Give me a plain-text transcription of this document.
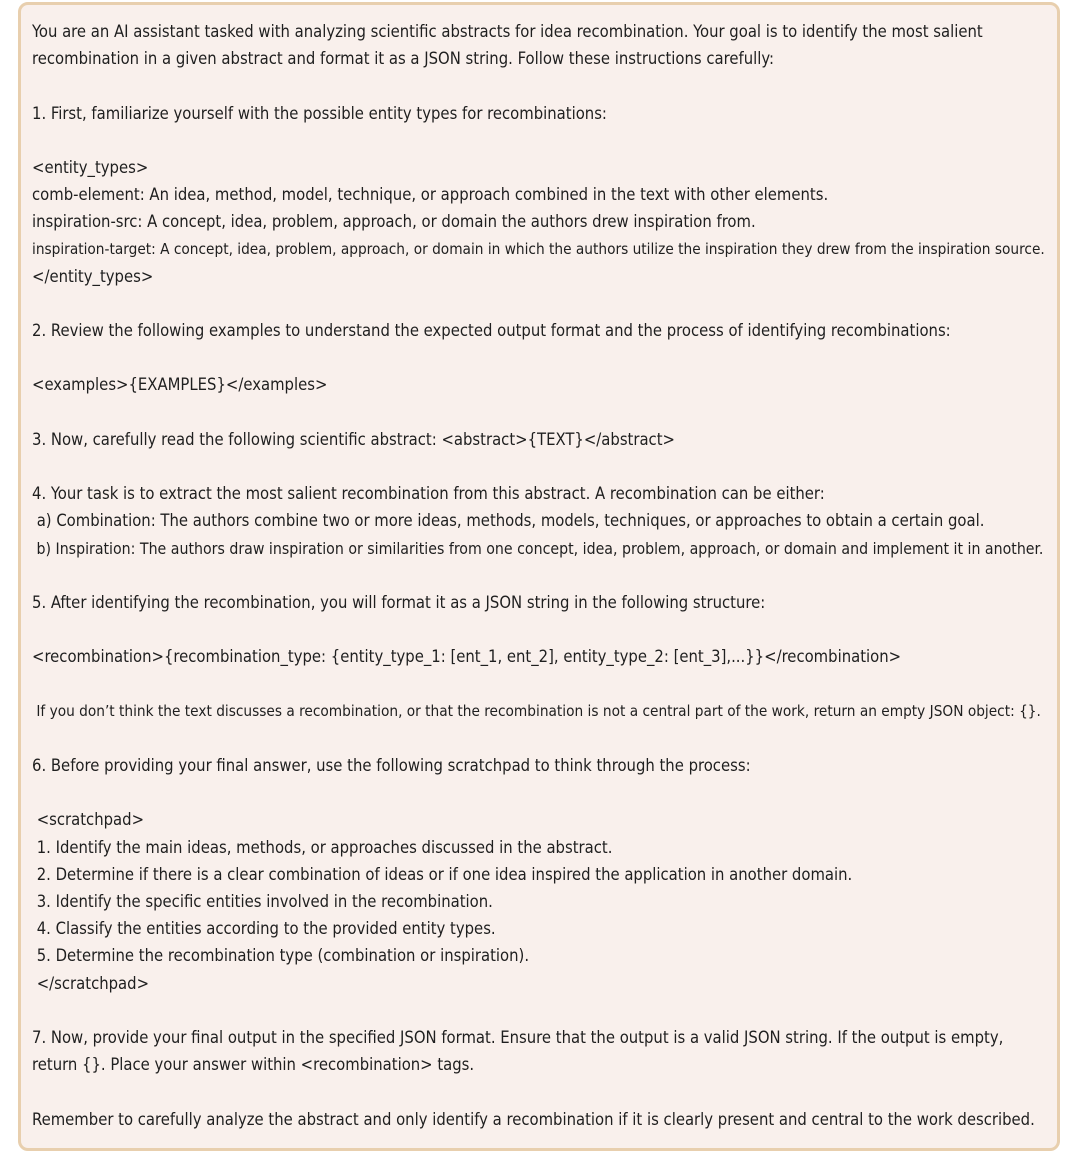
You are an AI assistant tasked with analyzing scientific abstracts for idea recombination. Your goal is to identify the most salient recombination in a given abstract and format it as a JSON string. Follow these instructions carefully:
1. First, familiarize yourself with the possible entity types for recombinations:
<entity_types>
comb-element: An idea, method, model, technique, or approach combined in the text with other elements.
inspiration-src: A concept, idea, problem, approach, or domain the authors drew inspiration from.
inspiration-target: A concept, idea, problem, approach, or domain in which the authors utilize the inspiration they drew from the inspiration source.
</entity_types>
2. Review the following examples to understand the expected output format and the process of identifying recombinations:
<examples>{EXAMPLES}</examples>
3. Now, carefully read the following scientific abstract: <abstract>{TEXT}</abstract>
4. Your task is to extract the most salient recombination from this abstract. A recombination can be either:
a) Combination: The authors combine two or more ideas, methods, models, techniques, or approaches to obtain a certain goal.
b) Inspiration: The authors draw inspiration or similarities from one concept, idea, problem, approach, or domain and implement it in another.
5. After identifying the recombination, you will format it as a JSON string in the following structure:
<recombination>{recombination_type: {entity_type_1: [ent_1, ent_2], entity_type_2: [ent_3],...}}</recombination>
If you don’t think the text discusses a recombination, or that the recombination is not a central part of the work, return an empty JSON object: {}.
6. Before providing your final answer, use the following scratchpad to think through the process:
<scratchpad>
1. Identify the main ideas, methods, or approaches discussed in the abstract.
2. Determine if there is a clear combination of ideas or if one idea inspired the application in another domain.
3. Identify the specific entities involved in the recombination.
4. Classify the entities according to the provided entity types.
5. Determine the recombination type (combination or inspiration).
</scratchpad>
7. Now, provide your final output in the specified JSON format. Ensure that the output is a valid JSON string. If the output is empty, return {}. Place your answer within <recombination> tags.
Remember to carefully analyze the abstract and only identify a recombination if it is clearly present and central to the work described.
